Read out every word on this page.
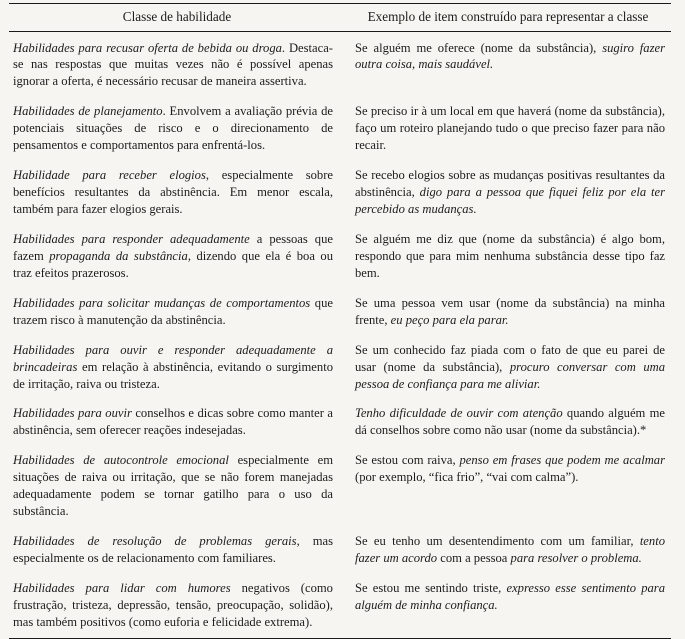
Classe de habilidade	Exemplo de item construído para representar a classe
Habilidades para recusar oferta de bebida ou droga. Destaca-se nas respostas que muitas vezes não é possível apenas ignorar a oferta, é necessário recusar de maneira assertiva.	Se alguém me oferece (nome da substância), sugiro fazer outra coisa, mais saudável.
Habilidades de planejamento. Envolvem a avaliação prévia de potenciais situações de risco e o direcionamento de pensamentos e comportamentos para enfrentá-los.	Se preciso ir à um local em que haverá (nome da substância), faço um roteiro planejando tudo o que preciso fazer para não recair.
Habilidade para receber elogios, especialmente sobre benefícios resultantes da abstinência. Em menor escala, também para fazer elogios gerais.	Se recebo elogios sobre as mudanças positivas resultantes da abstinência, digo para a pessoa que fiquei feliz por ela ter percebido as mudanças.
Habilidades para responder adequadamente a pessoas que fazem propaganda da substância, dizendo que ela é boa ou traz efeitos prazerosos.	Se alguém me diz que (nome da substância) é algo bom, respondo que para mim nenhuma substância desse tipo faz bem.
Habilidades para solicitar mudanças de comportamentos que trazem risco à manutenção da abstinência.	Se uma pessoa vem usar (nome da substância) na minha frente, eu peço para ela parar.
Habilidades para ouvir e responder adequadamente a brincadeiras em relação à abstinência, evitando o surgimento de irritação, raiva ou tristeza.	Se um conhecido faz piada com o fato de que eu parei de usar (nome da substância), procuro conversar com uma pessoa de confiança para me aliviar.
Habilidades para ouvir conselhos e dicas sobre como manter a abstinência, sem oferecer reações indesejadas.	Tenho dificuldade de ouvir com atenção quando alguém me dá conselhos sobre como não usar (nome da substância).*
Habilidades de autocontrole emocional especialmente em situações de raiva ou irritação, que se não forem manejadas adequadamente podem se tornar gatilho para o uso da substância.	Se estou com raiva, penso em frases que podem me acalmar (por exemplo, “fica frio”, “vai com calma”).
Habilidades de resolução de problemas gerais, mas especialmente os de relacionamento com familiares.	Se eu tenho um desentendimento com um familiar, tento fazer um acordo com a pessoa para resolver o problema.
Habilidades para lidar com humores negativos (como frustração, tristeza, depressão, tensão, preocupação, solidão), mas também positivos (como euforia e felicidade extrema).	Se estou me sentindo triste, expresso esse sentimento para alguém de minha confiança.
